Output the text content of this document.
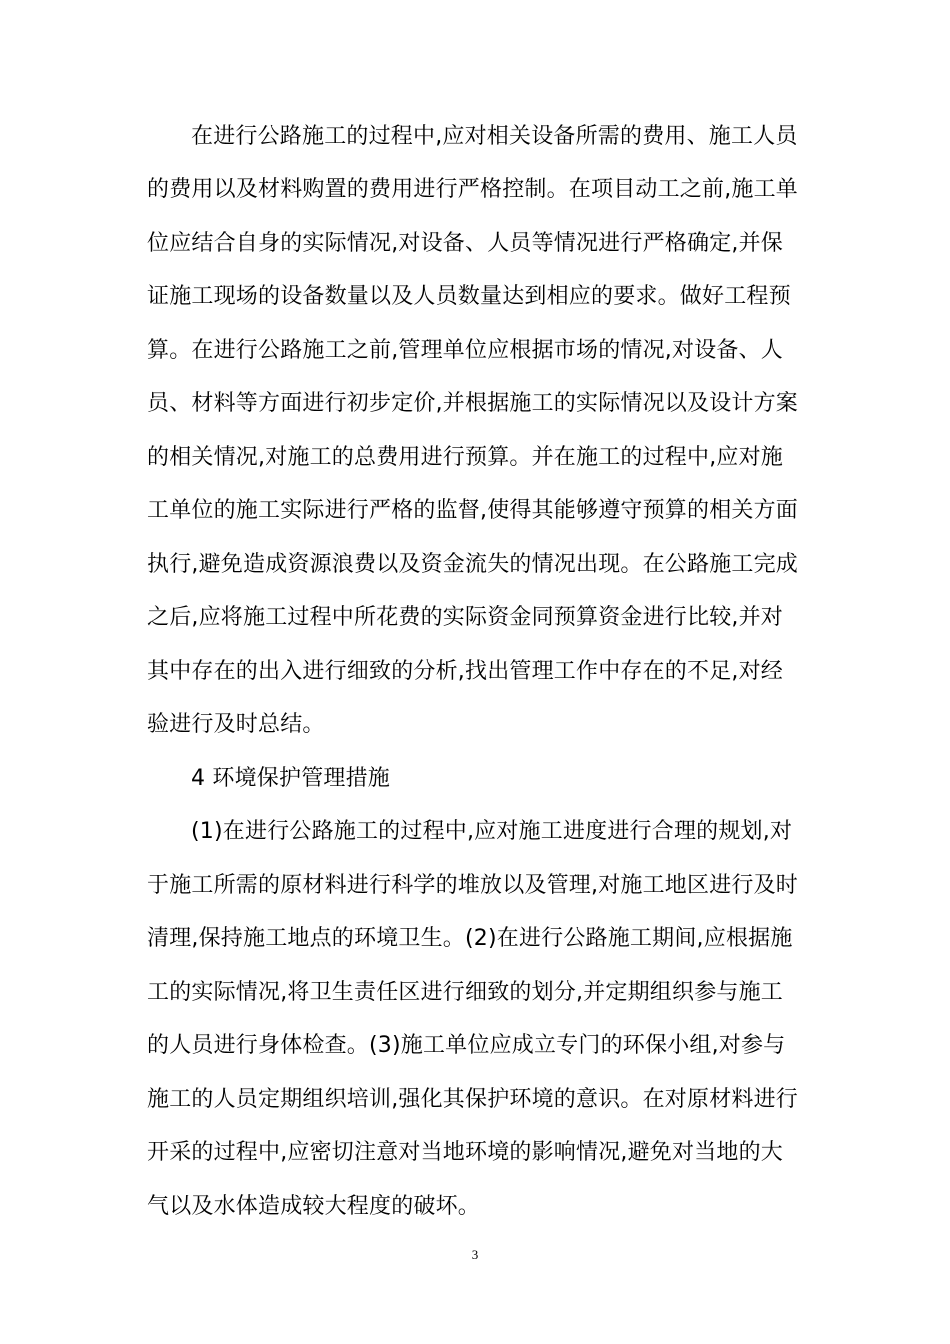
在进行公路施工的过程中,应对相关设备所需的费用、施工人员
的费用以及材料购置的费用进行严格控制。在项目动工之前,施工单
位应结合自身的实际情况,对设备、人员等情况进行严格确定,并保
证施工现场的设备数量以及人员数量达到相应的要求。做好工程预
算。在进行公路施工之前,管理单位应根据市场的情况,对设备、人
员、材料等方面进行初步定价,并根据施工的实际情况以及设计方案
的相关情况,对施工的总费用进行预算。并在施工的过程中,应对施
工单位的施工实际进行严格的监督,使得其能够遵守预算的相关方面
执行,避免造成资源浪费以及资金流失的情况出现。在公路施工完成
之后,应将施工过程中所花费的实际资金同预算资金进行比较,并对
其中存在的出入进行细致的分析,找出管理工作中存在的不足,对经
验进行及时总结。
4 环境保护管理措施
(1)在进行公路施工的过程中,应对施工进度进行合理的规划,对
于施工所需的原材料进行科学的堆放以及管理,对施工地区进行及时
清理,保持施工地点的环境卫生。(2)在进行公路施工期间,应根据施
工的实际情况,将卫生责任区进行细致的划分,并定期组织参与施工
的人员进行身体检查。(3)施工单位应成立专门的环保小组,对参与
施工的人员定期组织培训,强化其保护环境的意识。在对原材料进行
开采的过程中,应密切注意对当地环境的影响情况,避免对当地的大
气以及水体造成较大程度的破坏。
3
